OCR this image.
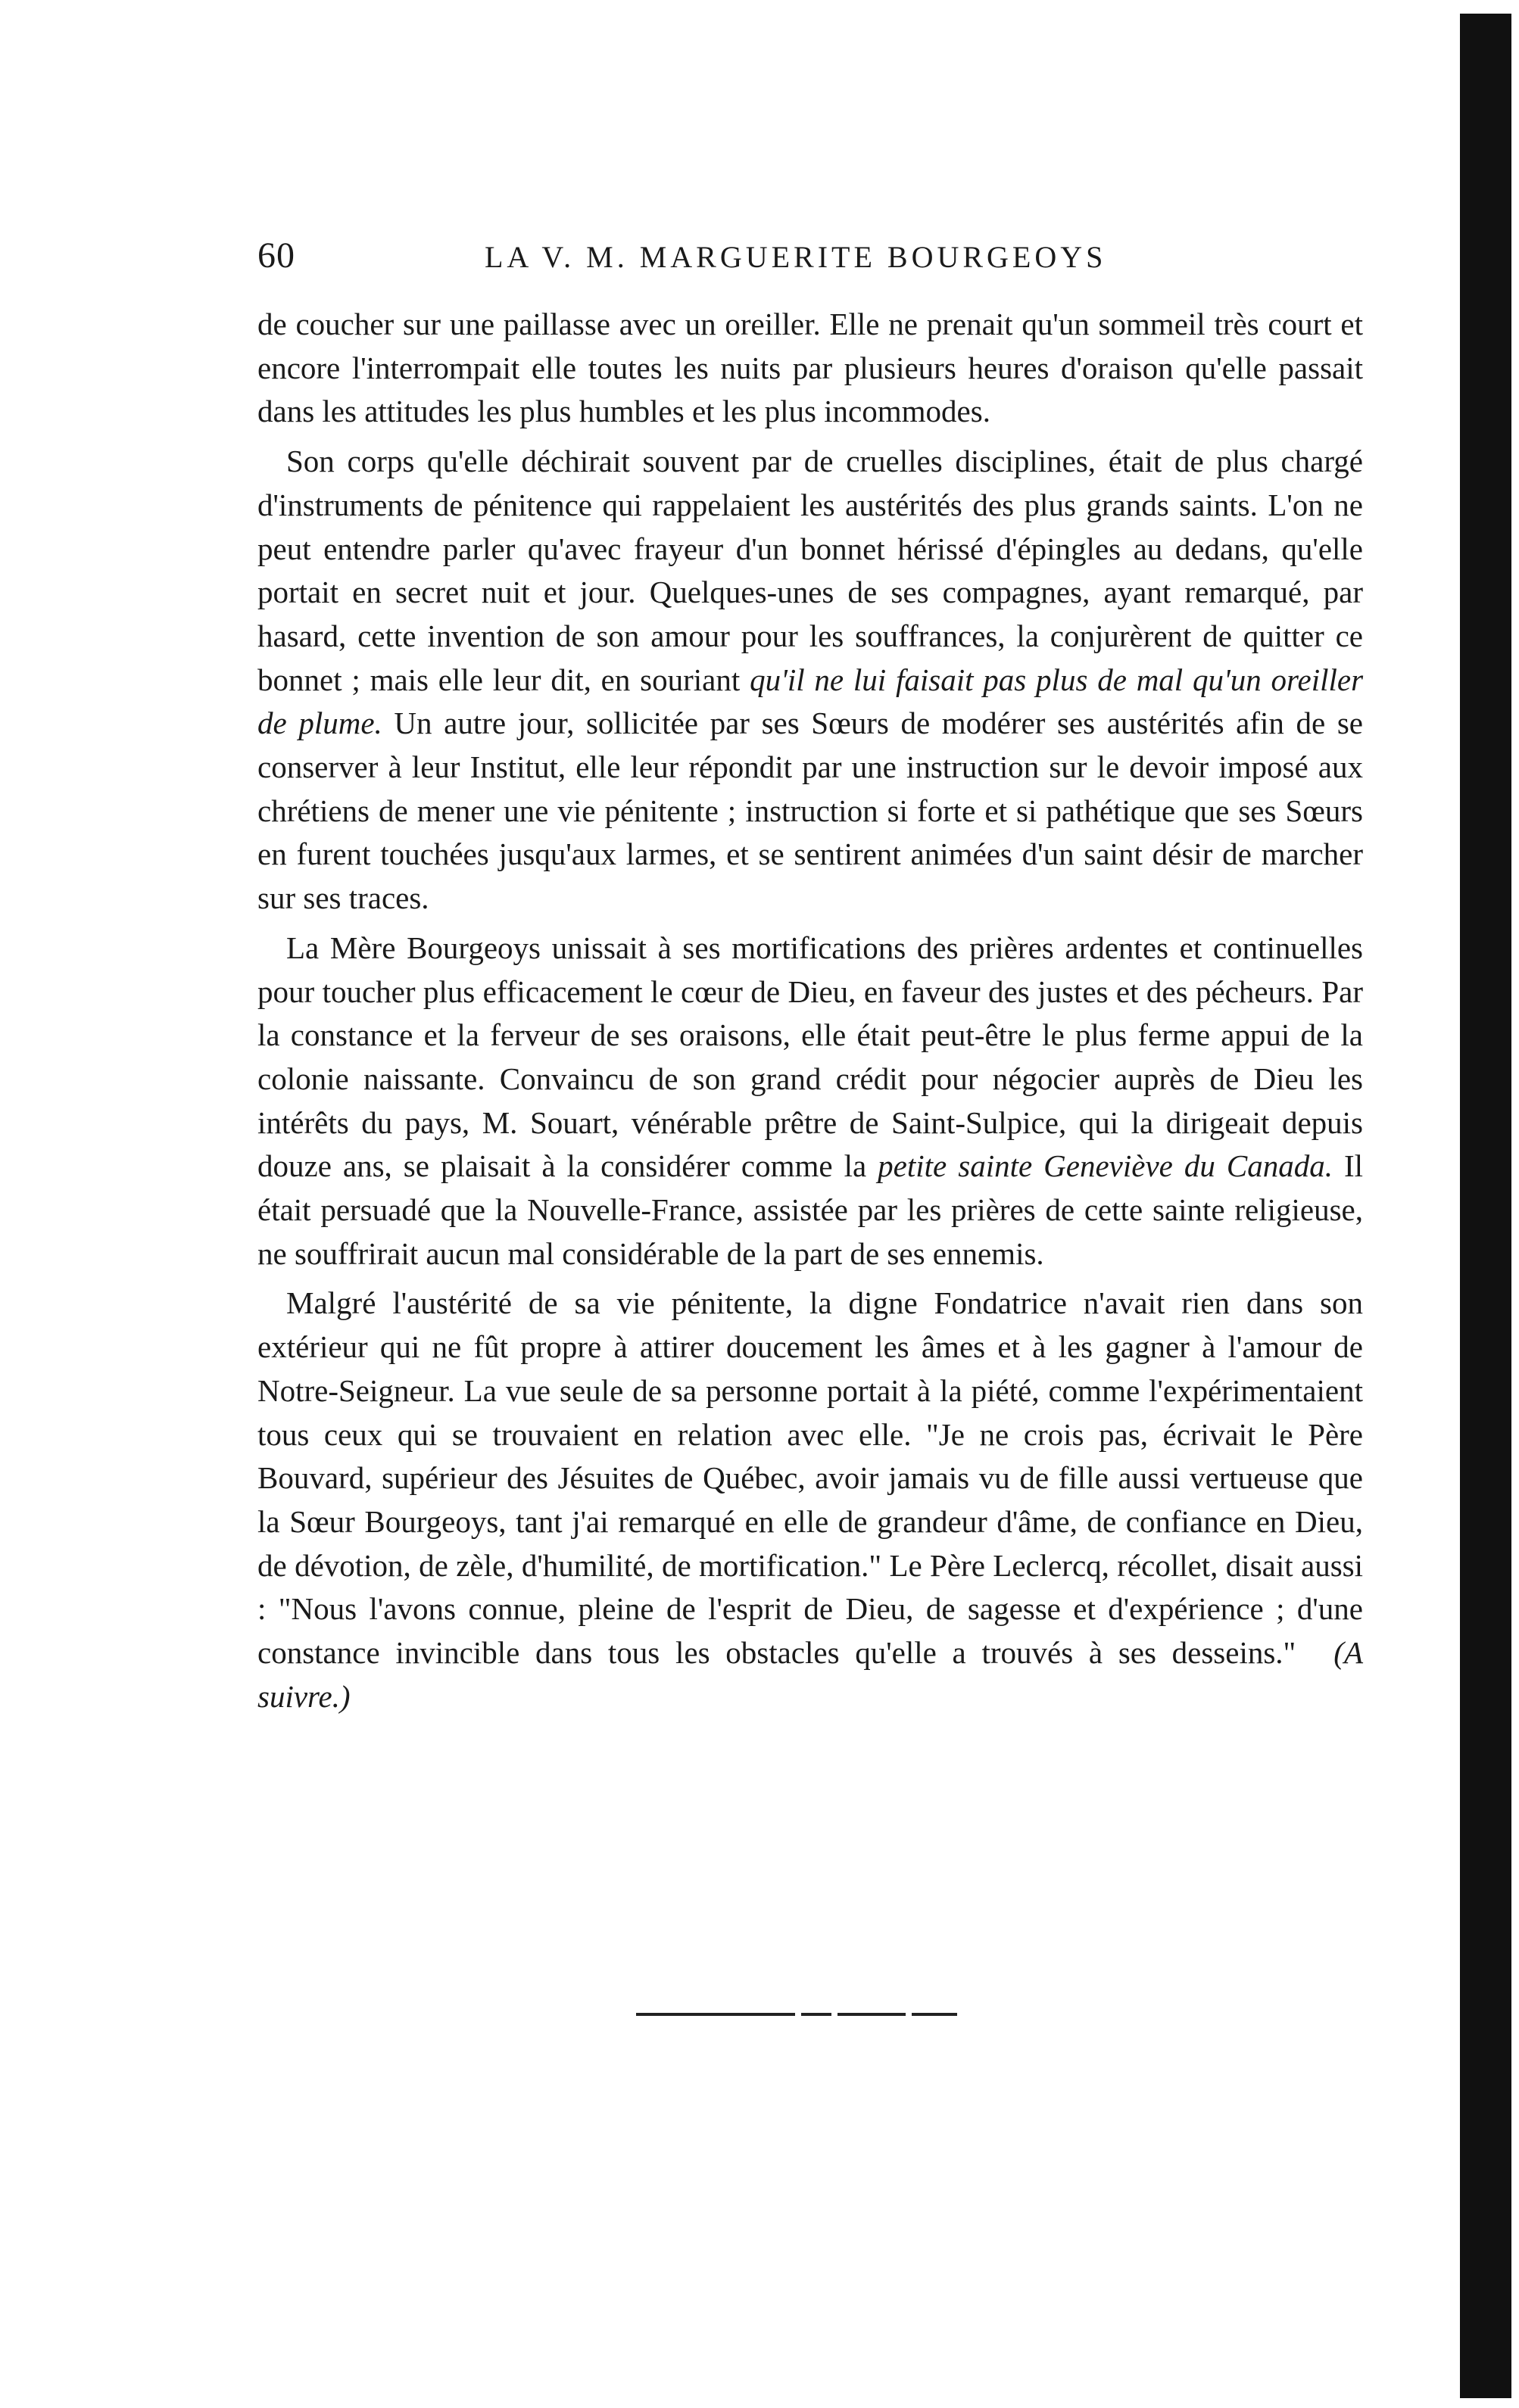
60	LA V. M. MARGUERITE BOURGEOYS

de coucher sur une paillasse avec un oreiller. Elle ne prenait qu'un sommeil très court et encore l'interrompait elle toutes les nuits par plusieurs heures d'oraison qu'elle passait dans les attitudes les plus humbles et les plus incommodes.

Son corps qu'elle déchirait souvent par de cruelles disciplines, était de plus chargé d'instruments de pénitence qui rappelaient les austérités des plus grands saints. L'on ne peut entendre parler qu'avec frayeur d'un bonnet hérissé d'épingles au dedans, qu'elle portait en secret nuit et jour. Quelques-unes de ses compagnes, ayant remarqué, par hasard, cette invention de son amour pour les souffrances, la conjurèrent de quitter ce bonnet ; mais elle leur dit, en souriant qu'il ne lui faisait pas plus de mal qu'un oreiller de plume. Un autre jour, sollicitée par ses Sœurs de modérer ses austérités afin de se conserver à leur Institut, elle leur répondit par une instruction sur le devoir imposé aux chrétiens de mener une vie pénitente ; instruction si forte et si pathétique que ses Sœurs en furent touchées jusqu'aux larmes, et se sentirent animées d'un saint désir de marcher sur ses traces.

La Mère Bourgeoys unissait à ses mortifications des prières ardentes et continuelles pour toucher plus efficacement le cœur de Dieu, en faveur des justes et des pécheurs. Par la constance et la ferveur de ses oraisons, elle était peut-être le plus ferme appui de la colonie naissante. Convaincu de son grand crédit pour négocier auprès de Dieu les intérêts du pays, M. Souart, vénérable prêtre de Saint-Sulpice, qui la dirigeait depuis douze ans, se plaisait à la considérer comme la petite sainte Geneviève du Canada. Il était persuadé que la Nouvelle-France, assistée par les prières de cette sainte religieuse, ne souffrirait aucun mal considérable de la part de ses ennemis.

Malgré l'austérité de sa vie pénitente, la digne Fondatrice n'avait rien dans son extérieur qui ne fût propre à attirer doucement les âmes et à les gagner à l'amour de Notre-Seigneur. La vue seule de sa personne portait à la piété, comme l'expérimentaient tous ceux qui se trouvaient en relation avec elle. "Je ne crois pas, écrivait le Père Bouvard, supérieur des Jésuites de Québec, avoir jamais vu de fille aussi vertueuse que la Sœur Bourgeoys, tant j'ai remarqué en elle de grandeur d'âme, de confiance en Dieu, de dévotion, de zèle, d'humilité, de mortification." Le Père Leclercq, récollet, disait aussi : "Nous l'avons connue, pleine de l'esprit de Dieu, de sagesse et d'expérience ; d'une constance invincible dans tous les obstacles qu'elle a trouvés à ses desseins." (A suivre.)
